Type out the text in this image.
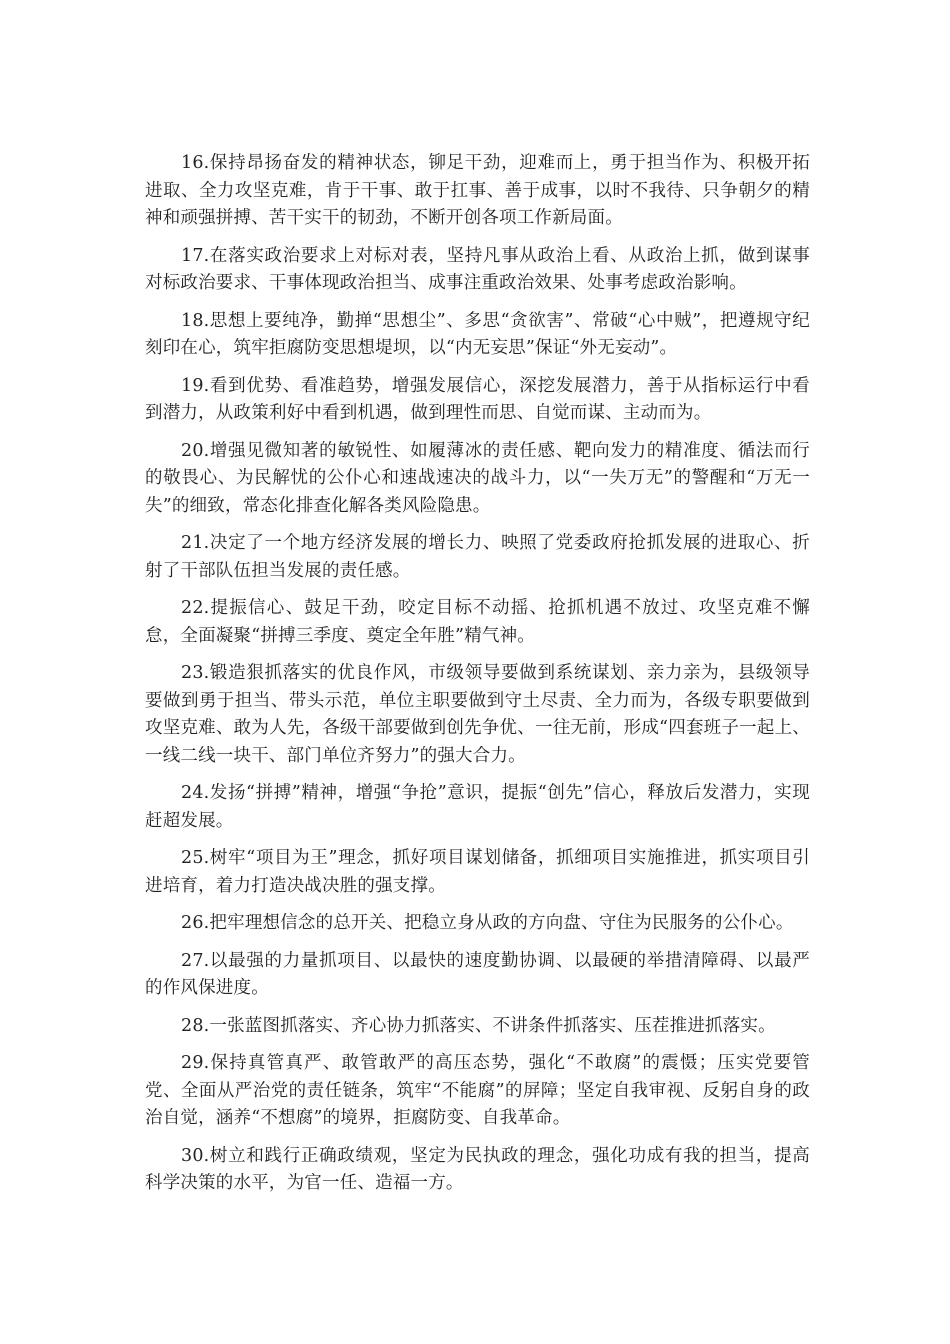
16.保持昂扬奋发的精神状态，铆足干劲，迎难而上，勇于担当作为、积极开拓进取、全力攻坚克难，肯于干事、敢于扛事、善于成事，以时不我待、只争朝夕的精神和顽强拼搏、苦干实干的韧劲，不断开创各项工作新局面。

17.在落实政治要求上对标对表，坚持凡事从政治上看、从政治上抓，做到谋事对标政治要求、干事体现政治担当、成事注重政治效果、处事考虑政治影响。

18.思想上要纯净，勤掸“思想尘”、多思“贪欲害”、常破“心中贼”，把遵规守纪刻印在心，筑牢拒腐防变思想堤坝，以“内无妄思”保证“外无妄动”。

19.看到优势、看准趋势，增强发展信心，深挖发展潜力，善于从指标运行中看到潜力，从政策利好中看到机遇，做到理性而思、自觉而谋、主动而为。

20.增强见微知著的敏锐性、如履薄冰的责任感、靶向发力的精准度、循法而行的敬畏心、为民解忧的公仆心和速战速决的战斗力，以“一失万无”的警醒和“万无一失”的细致，常态化排查化解各类风险隐患。

21.决定了一个地方经济发展的增长力、映照了党委政府抢抓发展的进取心、折射了干部队伍担当发展的责任感。

22.提振信心、鼓足干劲，咬定目标不动摇、抢抓机遇不放过、攻坚克难不懈怠，全面凝聚“拼搏三季度、奠定全年胜”精气神。

23.锻造狠抓落实的优良作风，市级领导要做到系统谋划、亲力亲为，县级领导要做到勇于担当、带头示范，单位主职要做到守土尽责、全力而为，各级专职要做到攻坚克难、敢为人先，各级干部要做到创先争优、一往无前，形成“四套班子一起上、一线二线一块干、部门单位齐努力”的强大合力。

24.发扬“拼搏”精神，增强“争抢”意识，提振“创先”信心，释放后发潜力，实现赶超发展。

25.树牢“项目为王”理念，抓好项目谋划储备，抓细项目实施推进，抓实项目引进培育，着力打造决战决胜的强支撑。

26.把牢理想信念的总开关、把稳立身从政的方向盘、守住为民服务的公仆心。

27.以最强的力量抓项目、以最快的速度勤协调、以最硬的举措清障碍、以最严的作风保进度。

28.一张蓝图抓落实、齐心协力抓落实、不讲条件抓落实、压茬推进抓落实。

29.保持真管真严、敢管敢严的高压态势，强化“不敢腐”的震慑；压实党要管党、全面从严治党的责任链条，筑牢“不能腐”的屏障；坚定自我审视、反躬自身的政治自觉，涵养“不想腐”的境界，拒腐防变、自我革命。

30.树立和践行正确政绩观，坚定为民执政的理念，强化功成有我的担当，提高科学决策的水平，为官一任、造福一方。
